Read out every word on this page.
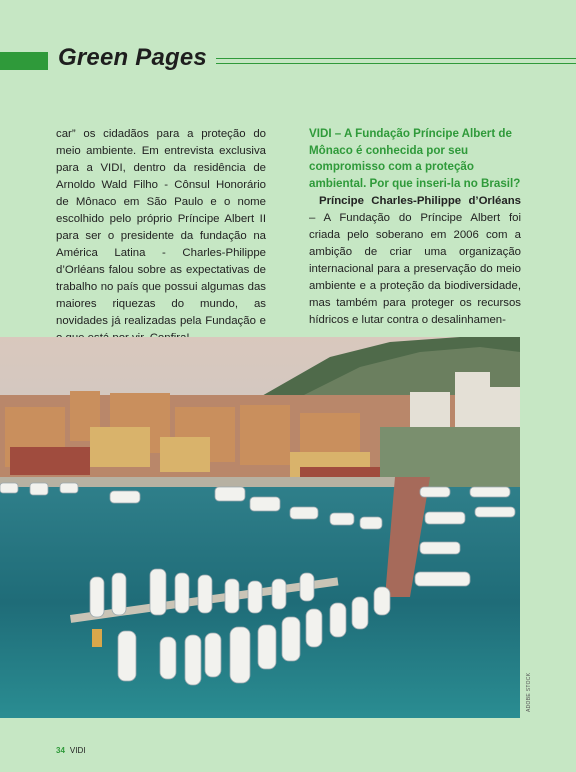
Green Pages
car” os cidadãos para a proteção do meio ambiente. Em entrevista exclusiva para a VIDI, dentro da residência de Arnoldo Wald Filho - Cônsul Honorário de Mônaco em São Paulo e o nome escolhido pelo próprio Príncipe Albert II para ser o presidente da fundação na América Latina - Charles-Philippe d’Orléans falou sobre as expectativas de trabalho no país que possui algumas das maiores riquezas do mundo, as novidades já realizadas pela Fundação e

VIDI – A Fundação Príncipe Albert de Mônaco é conhecida por seu compromisso com a proteção ambiental. Por que inseri-la no Brasil?

Príncipe Charles-Philippe d’Orléans – A Fundação do Príncipe Albert foi criada pelo soberano em 2006 com a ambição de criar uma organização internacional para a preservação do meio ambiente e a proteção da biodiversidade, mas também para proteger os recursos hídricos e lutar contra o desalinhamen-

ADOBE STOCK
34 VIDI
